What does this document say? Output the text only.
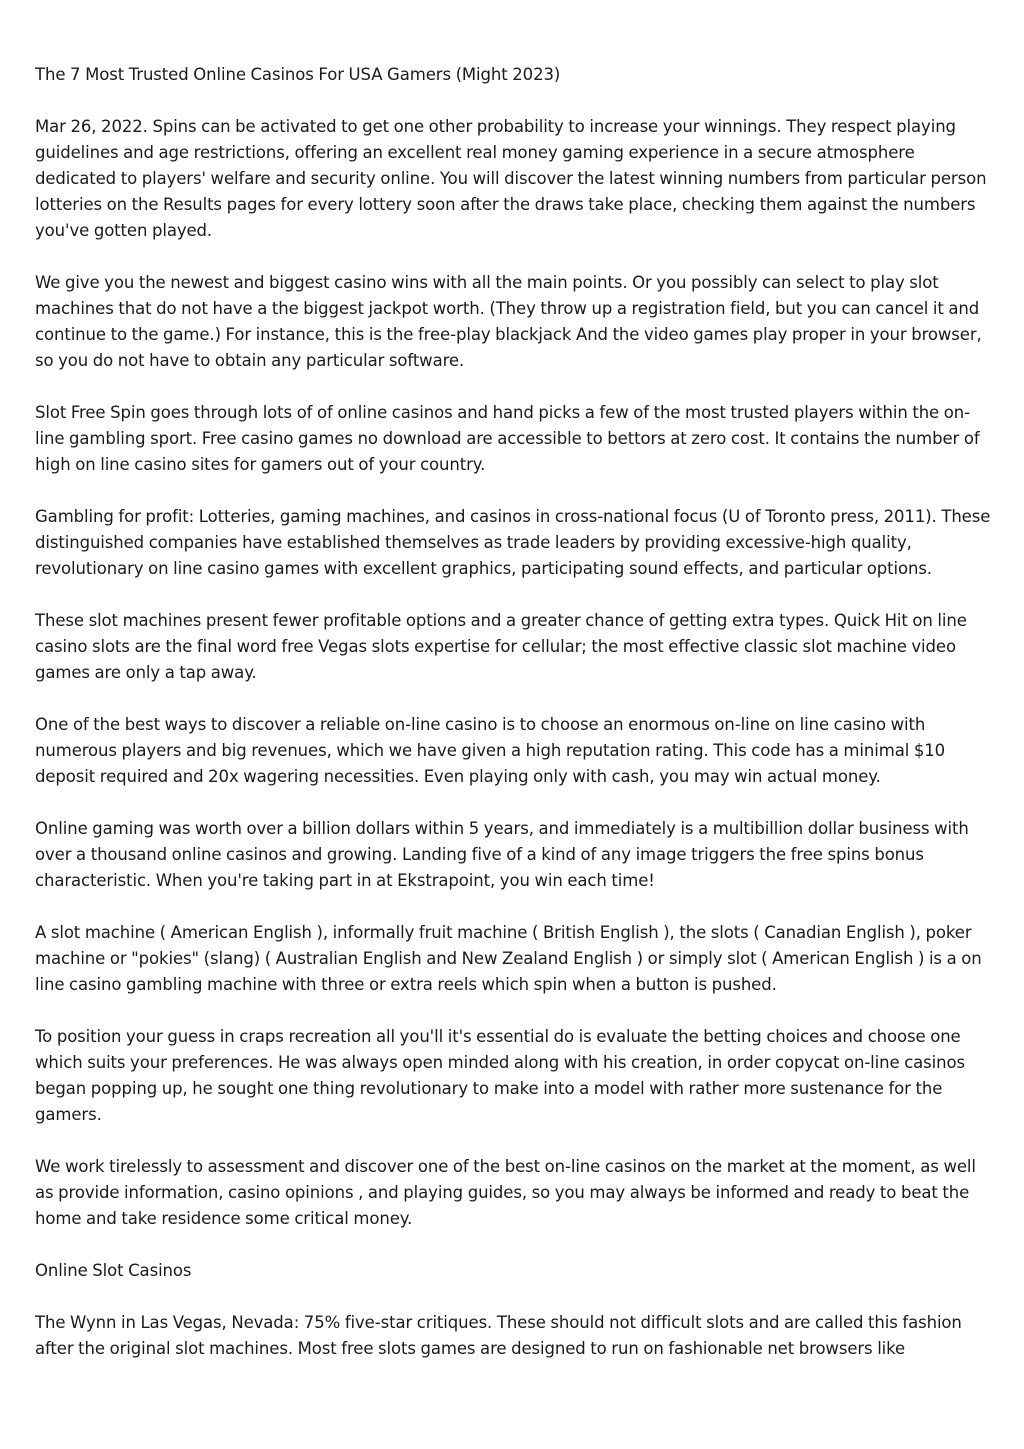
The 7 Most Trusted Online Casinos For USA Gamers (Might 2023)

Mar 26, 2022. Spins can be activated to get one other probability to increase your winnings. They respect playing guidelines and age restrictions, offering an excellent real money gaming experience in a secure atmosphere dedicated to players' welfare and security online. You will discover the latest winning numbers from particular person lotteries on the Results pages for every lottery soon after the draws take place, checking them against the numbers you've gotten played.

We give you the newest and biggest casino wins with all the main points. Or you possibly can select to play slot machines that do not have a the biggest jackpot worth. (They throw up a registration field, but you can cancel it and continue to the game.) For instance, this is the free-play blackjack And the video games play proper in your browser, so you do not have to obtain any particular software.

Slot Free Spin goes through lots of of online casinos and hand picks a few of the most trusted players within the on-line gambling sport. Free casino games no download are accessible to bettors at zero cost. It contains the number of high on line casino sites for gamers out of your country.

Gambling for profit: Lotteries, gaming machines, and casinos in cross-national focus (U of Toronto press, 2011). These distinguished companies have established themselves as trade leaders by providing excessive-high quality, revolutionary on line casino games with excellent graphics, participating sound effects, and particular options.

These slot machines present fewer profitable options and a greater chance of getting extra types. Quick Hit on line casino slots are the final word free Vegas slots expertise for cellular; the most effective classic slot machine video games are only a tap away.

One of the best ways to discover a reliable on-line casino is to choose an enormous on-line on line casino with numerous players and big revenues, which we have given a high reputation rating. This code has a minimal $10 deposit required and 20x wagering necessities. Even playing only with cash, you may win actual money.

Online gaming was worth over a billion dollars within 5 years, and immediately is a multibillion dollar business with over a thousand online casinos and growing. Landing five of a kind of any image triggers the free spins bonus characteristic. When you're taking part in at Ekstrapoint, you win each time!

A slot machine ( American English ), informally fruit machine ( British English ), the slots ( Canadian English ), poker machine or "pokies" (slang) ( Australian English and New Zealand English ) or simply slot ( American English ) is a on line casino gambling machine with three or extra reels which spin when a button is pushed.

To position your guess in craps recreation all you'll it's essential do is evaluate the betting choices and choose one which suits your preferences. He was always open minded along with his creation, in order copycat on-line casinos began popping up, he sought one thing revolutionary to make into a model with rather more sustenance for the gamers.

We work tirelessly to assessment and discover one of the best on-line casinos on the market at the moment, as well as provide information, casino opinions , and playing guides, so you may always be informed and ready to beat the home and take residence some critical money.

Online Slot Casinos

The Wynn in Las Vegas, Nevada: 75% five-star critiques. These should not difficult slots and are called this fashion after the original slot machines. Most free slots games are designed to run on fashionable net browsers like
